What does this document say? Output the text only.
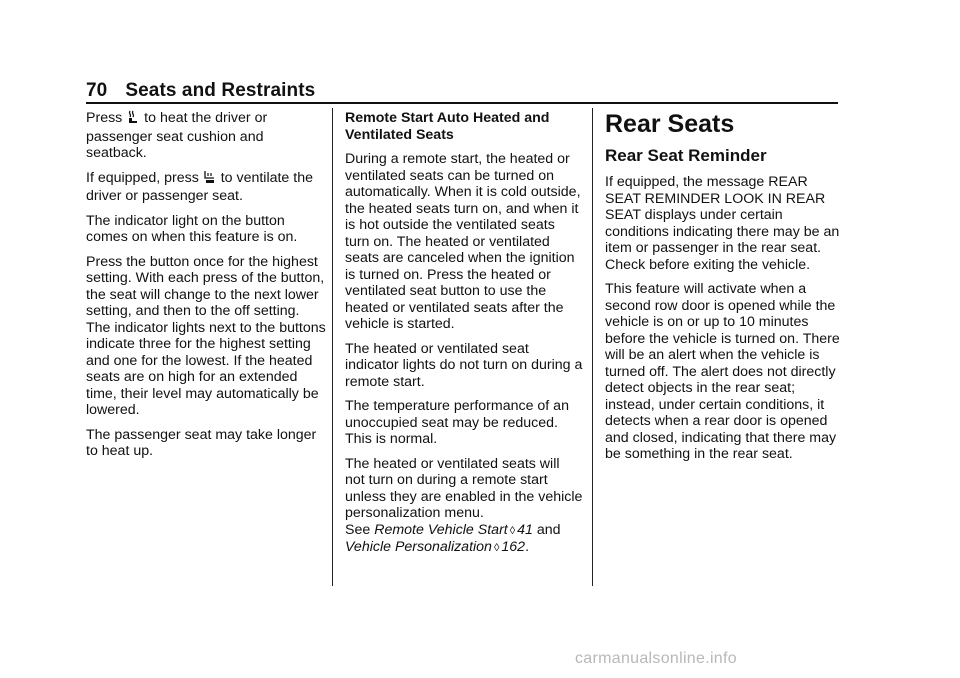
70 Seats and Restraints

Press to heat the driver or passenger seat cushion and seatback.

If equipped, press to ventilate the driver or passenger seat.

The indicator light on the button comes on when this feature is on.

Press the button once for the highest setting. With each press of the button, the seat will change to the next lower setting, and then to the off setting. The indicator lights next to the buttons indicate three for the highest setting and one for the lowest. If the heated seats are on high for an extended time, their level may automatically be lowered.

The passenger seat may take longer to heat up.

Remote Start Auto Heated and Ventilated Seats

During a remote start, the heated or ventilated seats can be turned on automatically. When it is cold outside, the heated seats turn on, and when it is hot outside the ventilated seats turn on. The heated or ventilated seats are canceled when the ignition is turned on. Press the heated or ventilated seat button to use the heated or ventilated seats after the vehicle is started.

The heated or ventilated seat indicator lights do not turn on during a remote start.

The temperature performance of an unoccupied seat may be reduced. This is normal.

The heated or ventilated seats will not turn on during a remote start unless they are enabled in the vehicle personalization menu.
See Remote Vehicle Start ◊ 41 and Vehicle Personalization ◊ 162.

Rear Seats

Rear Seat Reminder

If equipped, the message REAR SEAT REMINDER LOOK IN REAR SEAT displays under certain conditions indicating there may be an item or passenger in the rear seat. Check before exiting the vehicle.

This feature will activate when a second row door is opened while the vehicle is on or up to 10 minutes before the vehicle is turned on. There will be an alert when the vehicle is turned off. The alert does not directly detect objects in the rear seat; instead, under certain conditions, it detects when a rear door is opened and closed, indicating that there may be something in the rear seat.

carmanualsonline.info
